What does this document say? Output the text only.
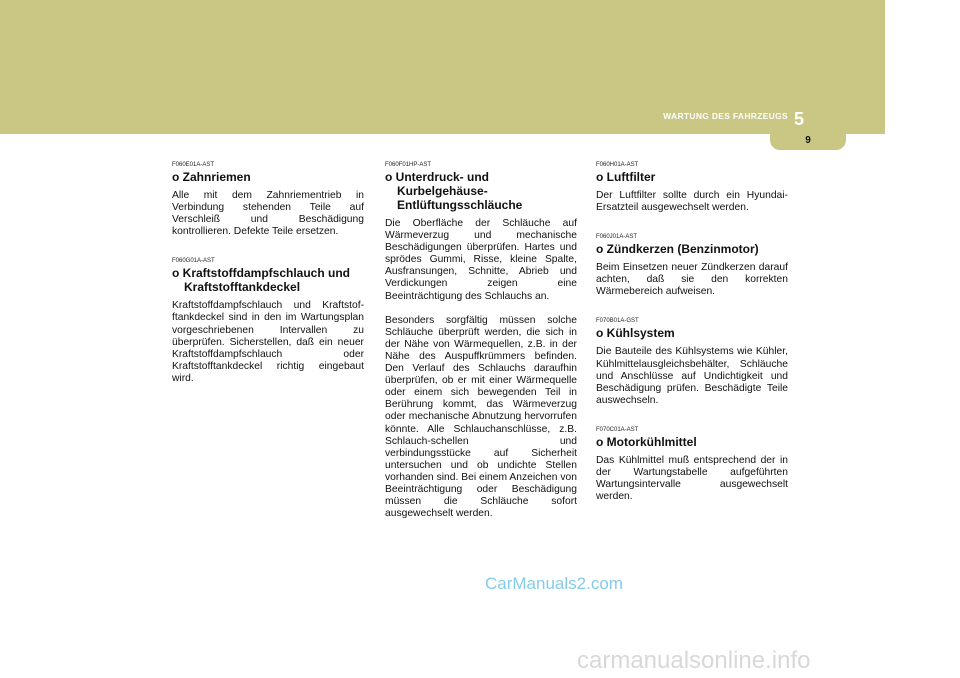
WARTUNG DES FAHRZEUGS 5
9

F060E01A-AST

o Zahnriemen

Alle mit dem Zahnriementrieb in Verbindung stehenden Teile auf Verschleiß und Beschädigung kontrollieren. Defekte Teile ersetzen.

F060G01A-AST

o Kraftstoffdampfschlauch und Kraftstofftankdeckel

Kraftstoffdampfschlauch und Kraftstof-ftankdeckel sind in den im Wartungsplan vorgeschriebenen Intervallen zu überprüfen. Sicherstellen, daß ein neuer Kraftstoffdampfschlauch oder Kraftstofftankdeckel richtig eingebaut wird.

F060F01HP-AST

o Unterdruck- und Kurbelgehäuse-Entlüftungsschläuche

Die Oberfläche der Schläuche auf Wärmeverzug und mechanische Beschädigungen überprüfen. Hartes und sprödes Gummi, Risse, kleine Spalte, Ausfransungen, Schnitte, Abrieb und Verdickungen zeigen eine Beeinträchtigung des Schlauchs an.

Besonders sorgfältig müssen solche Schläuche überprüft werden, die sich in der Nähe von Wärmequellen, z.B. in der Nähe des Auspuffkrümmers befinden. Den Verlauf des Schlauchs daraufhin überprüfen, ob er mit einer Wärmequelle oder einem sich bewegenden Teil in Berührung kommt, das Wärmeverzug oder mechanische Abnutzung hervorrufen könnte. Alle Schlauchanschlüsse, z.B. Schlauch-schellen und verbindungsstücke auf Sicherheit untersuchen und ob undichte Stellen vorhanden sind. Bei einem Anzeichen von Beeinträchtigung oder Beschädigung müssen die Schläuche sofort ausgewechselt werden.

F060H01A-AST

o Luftfilter

Der Luftfilter sollte durch ein Hyundai-Ersatzteil ausgewechselt werden.

F060J01A-AST

o Zündkerzen (Benzinmotor)

Beim Einsetzen neuer Zündkerzen darauf achten, daß sie den korrekten Wärmebereich aufweisen.

F070B01A-GST

o Kühlsystem

Die Bauteile des Kühlsystems wie Kühler, Kühlmittelausgleichsbehälter, Schläuche und Anschlüsse auf Undichtigkeit und Beschädigung prüfen. Beschädigte Teile auswechseln.

F070C01A-AST

o Motorkühlmittel

Das Kühlmittel muß entsprechend der in der Wartungstabelle aufgeführten Wartungsintervalle ausgewechselt werden.

CarManuals2.com
carmanualsonline.info
